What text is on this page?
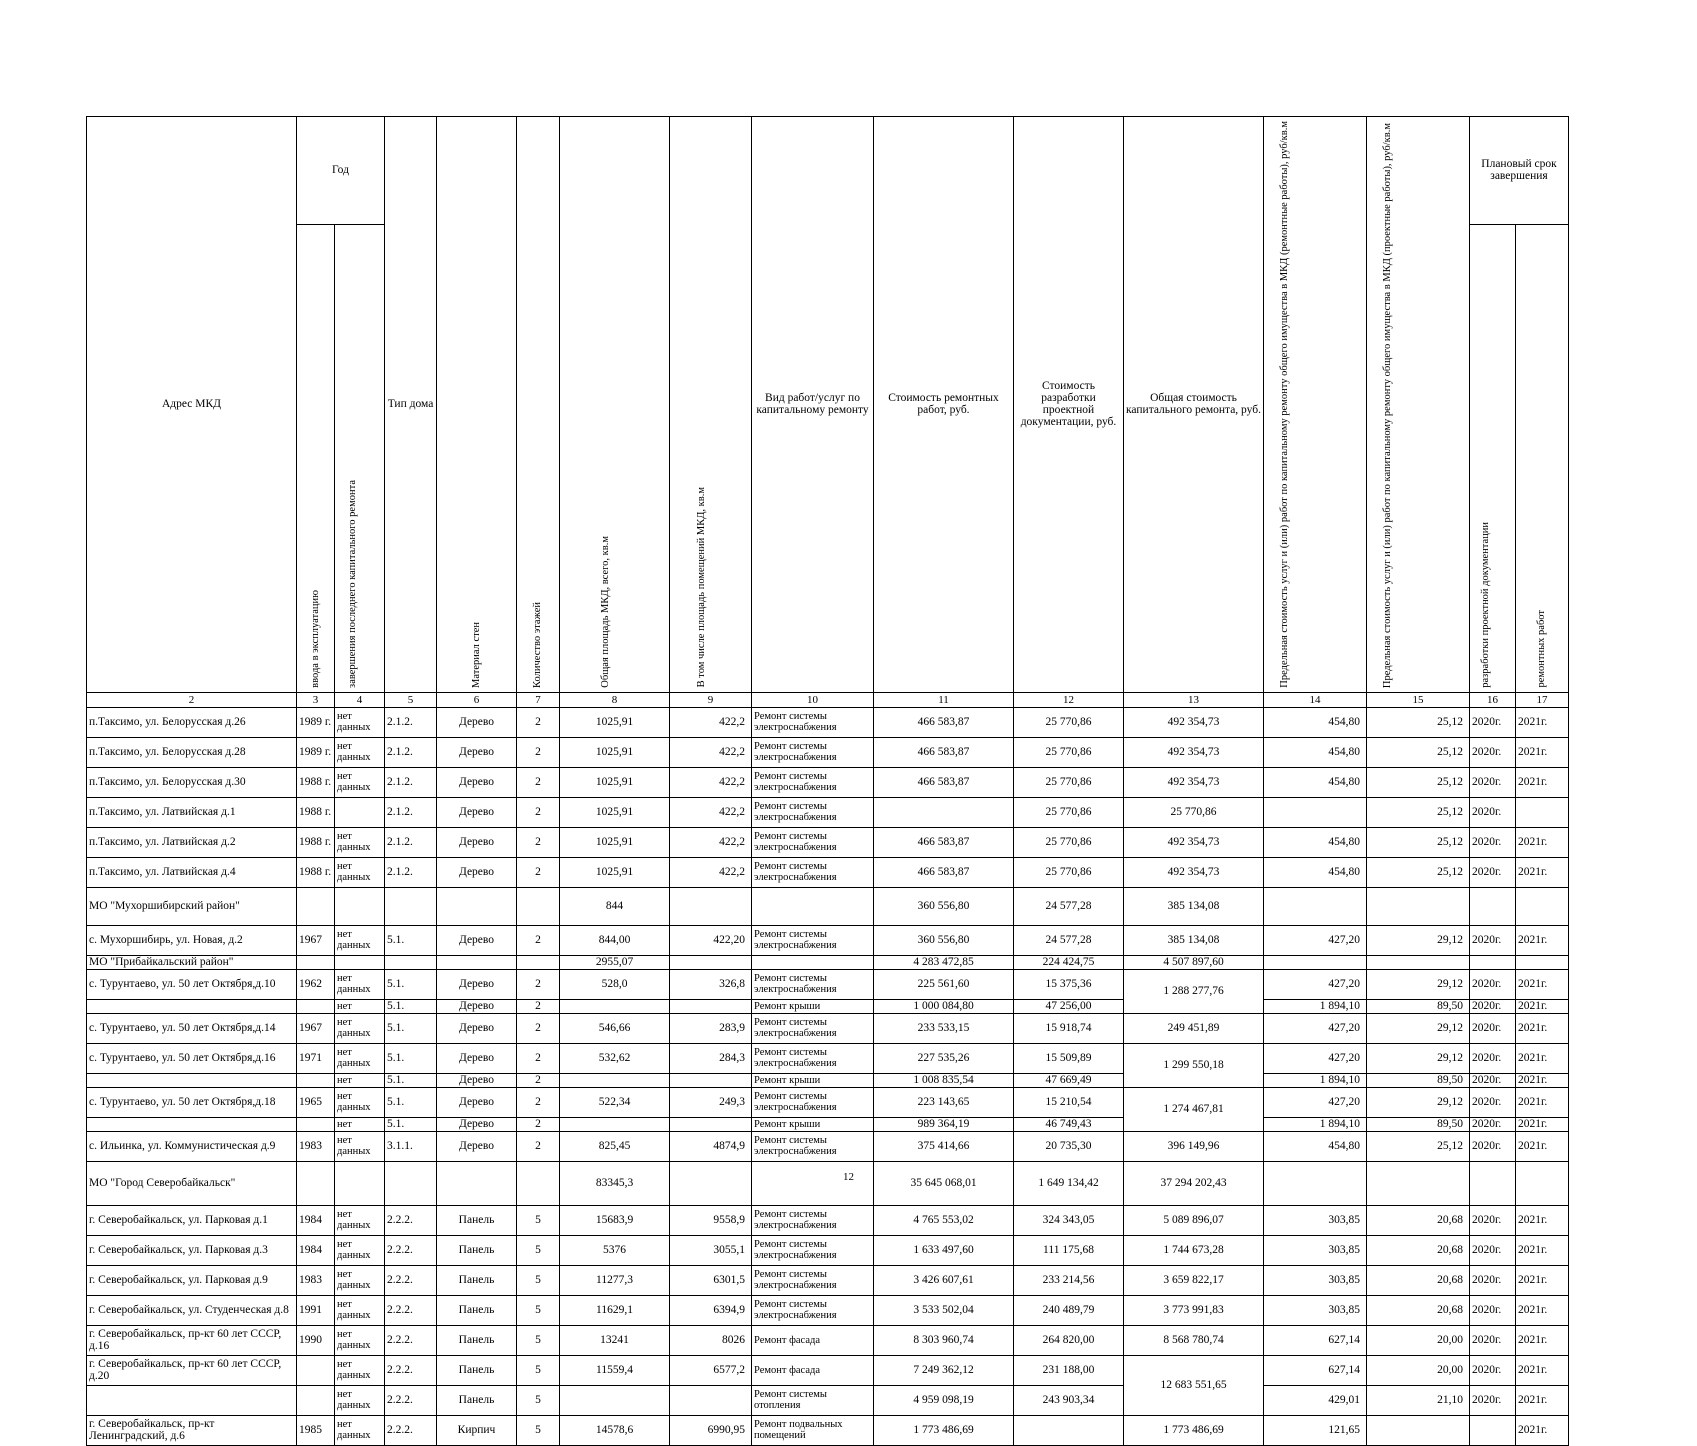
Адрес МКД	Год		Тип дома	Материал стен	Количество этажей	Общая площадь МКД, всего, кв.м	В том числе площадь помещений МКД, кв.м	Вид работ/услуг по капитальному ремонту	Стоимость ремонтных работ, руб.	Стоимость разработки проектной документации, руб.	Общая стоимость капитального ремонта, руб.	Предельная стоимость услуг и (или) работ по капитальному ремонту общего имущества в МКД (ремонтные работы), руб/кв.м	Предельная стоимость услуг и (или) работ по капитальному ремонту общего имущества в МКД (проектные работы), руб/кв.м	Плановый срок завершения	

	ввода в эксплуатацию	завершения последнего капитального ремонта												разработки проектной документации	ремонтных работ

2	3	4	5	6	7	8	9	10	11	12	13	14	15	16	17
п.Таксимо, ул. Белорусская д.26	1989 г.	нет данных	2.1.2.	Дерево	2	1025,91	422,2	Ремонт системы электроснабжения	466 583,87	25 770,86	492 354,73	454,80	25,12	2020г.	2021г.
п.Таксимо, ул. Белорусская д.28	1989 г.	нет данных	2.1.2.	Дерево	2	1025,91	422,2	Ремонт системы электроснабжения	466 583,87	25 770,86	492 354,73	454,80	25,12	2020г.	2021г.
п.Таксимо, ул. Белорусская д.30	1988 г.	нет данных	2.1.2.	Дерево	2	1025,91	422,2	Ремонт системы электроснабжения	466 583,87	25 770,86	492 354,73	454,80	25,12	2020г.	2021г.
п.Таксимо, ул. Латвийская д.1	1988 г.		2.1.2.	Дерево	2	1025,91	422,2	Ремонт системы электроснабжения		25 770,86	25 770,86		25,12	2020г.	
п.Таксимо, ул. Латвийская д.2	1988 г.	нет данных	2.1.2.	Дерево	2	1025,91	422,2	Ремонт системы электроснабжения	466 583,87	25 770,86	492 354,73	454,80	25,12	2020г.	2021г.
п.Таксимо, ул. Латвийская д.4	1988 г.	нет данных	2.1.2.	Дерево	2	1025,91	422,2	Ремонт системы электроснабжения	466 583,87	25 770,86	492 354,73	454,80	25,12	2020г.	2021г.
МО "Мухоршибирский район"						844			360 556,80	24 577,28	385 134,08				
с. Мухоршибирь, ул. Новая, д.2	1967	нет данных	5.1.	Дерево	2	844,00	422,20	Ремонт системы электроснабжения	360 556,80	24 577,28	385 134,08	427,20	29,12	2020г.	2021г.
МО "Прибайкальский район"						2955,07			4 283 472,85	224 424,75	4 507 897,60				
с. Турунтаево, ул. 50 лет Октября,д.10	1962	нет данных	5.1.	Дерево	2	528,0	326,8	Ремонт системы электроснабжения	225 561,60	15 375,36	1 288 277,76	427,20	29,12	2020г.	2021г.
		нет	5.1.	Дерево	2			Ремонт крыши	1 000 084,80	47 256,00		1 894,10	89,50	2020г.	2021г.
с. Турунтаево, ул. 50 лет Октября,д.14	1967	нет данных	5.1.	Дерево	2	546,66	283,9	Ремонт системы электроснабжения	233 533,15	15 918,74	249 451,89	427,20	29,12	2020г.	2021г.
с. Турунтаево, ул. 50 лет Октября,д.16	1971	нет данных	5.1.	Дерево	2	532,62	284,3	Ремонт системы электроснабжения	227 535,26	15 509,89	1 299 550,18	427,20	29,12	2020г.	2021г.
		нет	5.1.	Дерево	2			Ремонт крыши	1 008 835,54	47 669,49		1 894,10	89,50	2020г.	2021г.
с. Турунтаево, ул. 50 лет Октября,д.18	1965	нет данных	5.1.	Дерево	2	522,34	249,3	Ремонт системы электроснабжения	223 143,65	15 210,54	1 274 467,81	427,20	29,12	2020г.	2021г.
		нет	5.1.	Дерево	2			Ремонт крыши	989 364,19	46 749,43		1 894,10	89,50	2020г.	2021г.
с. Ильинка, ул. Коммунистическая д.9	1983	нет данных	3.1.1.	Дерево	2	825,45	4874,9	Ремонт системы электроснабжения	375 414,66	20 735,30	396 149,96	454,80	25,12	2020г.	2021г.
МО "Город Северобайкальск"						83345,3			35 645 068,01	1 649 134,42	37 294 202,43				
г. Северобайкальск, ул. Парковая д.1	1984	нет данных	2.2.2.	Панель	5	15683,9	9558,9	Ремонт системы электроснабжения	4 765 553,02	324 343,05	5 089 896,07	303,85	20,68	2020г.	2021г.
г. Северобайкальск, ул. Парковая д.3	1984	нет данных	2.2.2.	Панель	5	5376	3055,1	Ремонт системы электроснабжения	1 633 497,60	111 175,68	1 744 673,28	303,85	20,68	2020г.	2021г.
г. Северобайкальск, ул. Парковая д.9	1983	нет данных	2.2.2.	Панель	5	11277,3	6301,5	Ремонт системы электроснабжения	3 426 607,61	233 214,56	3 659 822,17	303,85	20,68	2020г.	2021г.
г. Северобайкальск, ул. Студенческая д.8	1991	нет данных	2.2.2.	Панель	5	11629,1	6394,9	Ремонт системы электроснабжения	3 533 502,04	240 489,79	3 773 991,83	303,85	20,68	2020г.	2021г.
г. Северобайкальск, пр-кт 60 лет СССР, д.16	1990	нет данных	2.2.2.	Панель	5	13241	8026	Ремонт фасада	8 303 960,74	264 820,00	8 568 780,74	627,14	20,00	2020г.	2021г.
г. Северобайкальск, пр-кт 60 лет СССР, д.20		нет данных	2.2.2.	Панель	5	11559,4	6577,2	Ремонт фасада	7 249 362,12	231 188,00	12 683 551,65	627,14	20,00	2020г.	2021г.
		нет данных	2.2.2.	Панель	5			Ремонт системы отопления	4 959 098,19	243 903,34		429,01	21,10	2020г.	2021г.
г. Северобайкальск, пр-кт Ленинградский, д.6	1985	нет данных	2.2.2.	Кирпич	5	14578,6	6990,95	Ремонт подвальных помещений	1 773 486,69		1 773 486,69	121,65			2021г.
12
